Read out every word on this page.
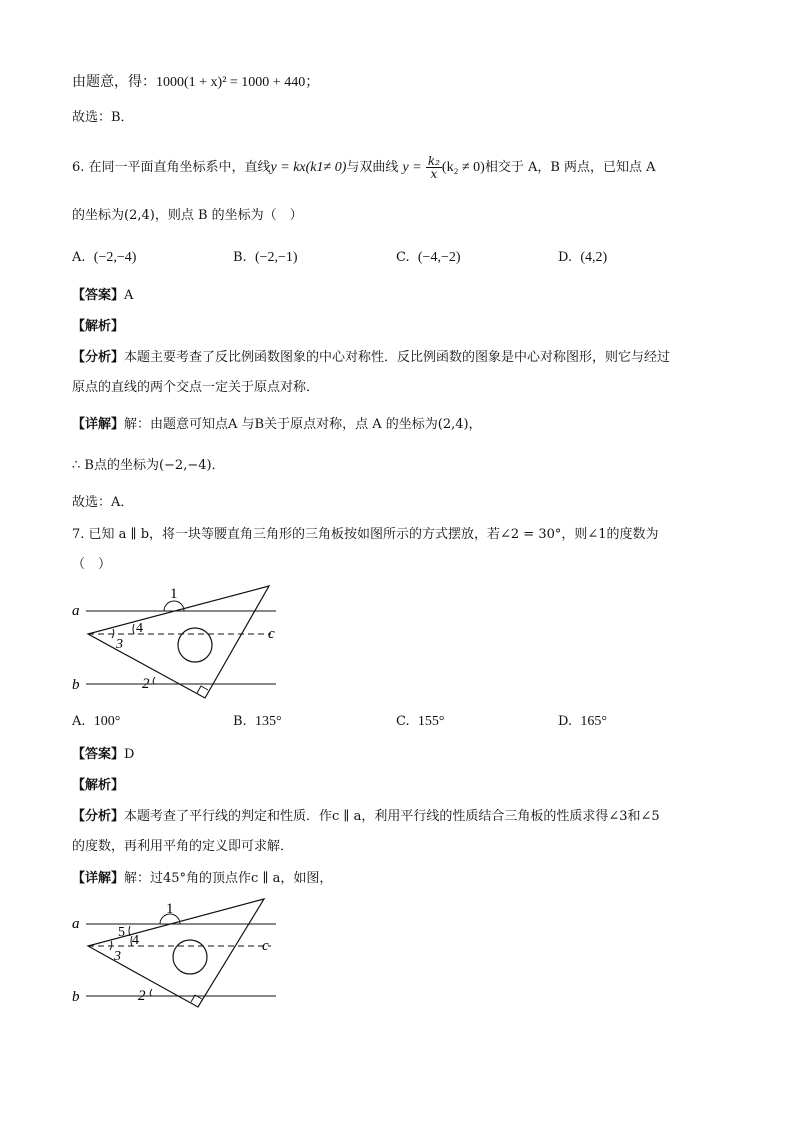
由题意，得：1000(1 + x)² = 1000 + 440；
故选：B．
6. 在同一平面直角坐标系中，直线y = kx(k1≠ 0)与双曲线 $y = \frac{\text{k₂}}{x} (k_2 \ne 0)$相交于 A，B 两点，已知点 A
的坐标为(2,4)，则点 B 的坐标为（　）
A. (−2,−4)	B. (−2,−1)	C. (−4,−2)	D. (4,2)
【答案】A
【解析】
【分析】本题主要考查了反比例函数图象的中心对称性．反比例函数的图象是中心对称图形，则它与经过
原点的直线的两个交点一定关于原点对称．
【详解】解：由题意可知点A 与B关于原点对称，点 A 的坐标为(2,4)，
∴ B点的坐标为(−2,−4)．
故选：A．
7. 已知 a ∥ b，将一块等腰直角三角形的三角板按如图所示的方式摆放，若∠2 = 30°，则∠1的度数为
（　）
a
b
c
1
2
3
4
A. 100°	B. 135°	C. 155°	D. 165°
【答案】D
【解析】
【分析】本题考查了平行线的判定和性质．作c ∥ a，利用平行线的性质结合三角板的性质求得∠3和∠5
的度数，再利用平角的定义即可求解．
【详解】解：过45°角的顶点作c ∥ a，如图，
a
b
c
1
2
3
4
5
